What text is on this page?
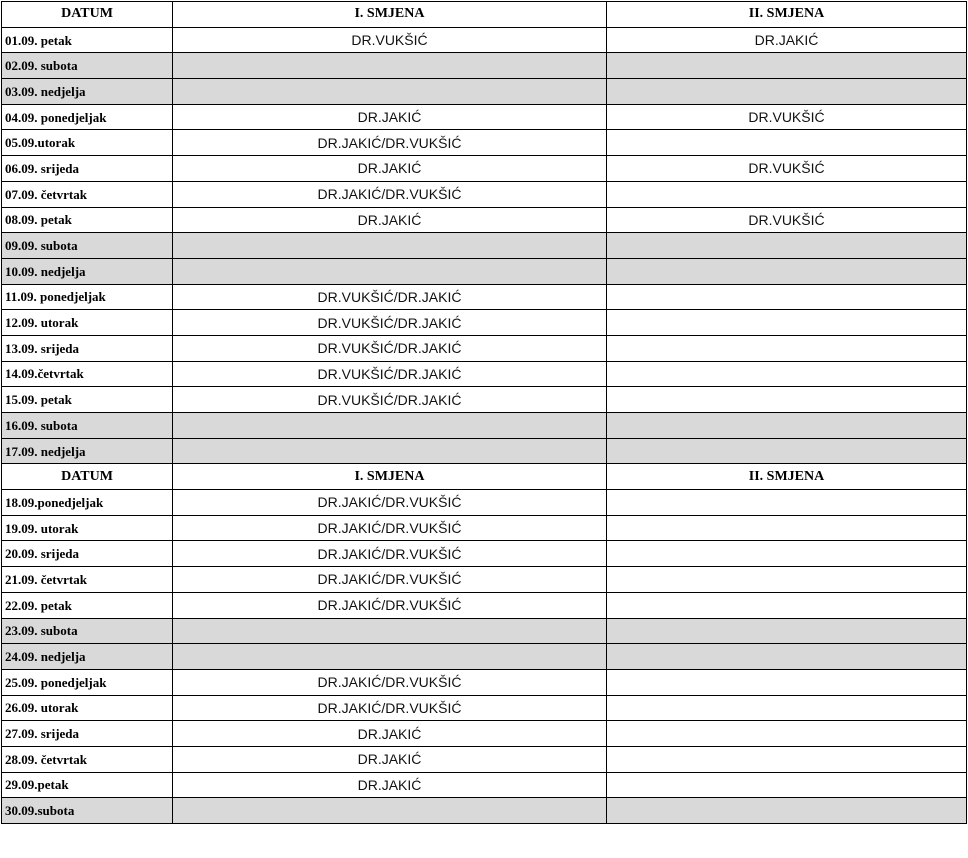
DATUM	I. SMJENA	II. SMJENA
01.09. petak	DR.VUKŠIĆ	DR.JAKIĆ
02.09. subota		
03.09. nedjelja		
04.09. ponedjeljak	DR.JAKIĆ	DR.VUKŠIĆ
05.09.utorak	DR.JAKIĆ/DR.VUKŠIĆ	
06.09. srijeda	DR.JAKIĆ	DR.VUKŠIĆ
07.09. četvrtak	DR.JAKIĆ/DR.VUKŠIĆ	
08.09. petak	DR.JAKIĆ	DR.VUKŠIĆ
09.09. subota		
10.09. nedjelja		
11.09. ponedjeljak	DR.VUKŠIĆ/DR.JAKIĆ	
12.09. utorak	DR.VUKŠIĆ/DR.JAKIĆ	
13.09. srijeda	DR.VUKŠIĆ/DR.JAKIĆ	
14.09.četvrtak	DR.VUKŠIĆ/DR.JAKIĆ	
15.09. petak	DR.VUKŠIĆ/DR.JAKIĆ	
16.09. subota		
17.09. nedjelja		
DATUM	I. SMJENA	II. SMJENA
18.09.ponedjeljak	DR.JAKIĆ/DR.VUKŠIĆ	
19.09. utorak	DR.JAKIĆ/DR.VUKŠIĆ	
20.09. srijeda	DR.JAKIĆ/DR.VUKŠIĆ	
21.09. četvrtak	DR.JAKIĆ/DR.VUKŠIĆ	
22.09. petak	DR.JAKIĆ/DR.VUKŠIĆ	
23.09. subota		
24.09. nedjelja		
25.09. ponedjeljak	DR.JAKIĆ/DR.VUKŠIĆ	
26.09. utorak	DR.JAKIĆ/DR.VUKŠIĆ	
27.09. srijeda	DR.JAKIĆ	
28.09. četvrtak	DR.JAKIĆ	
29.09.petak	DR.JAKIĆ	
30.09.subota		
